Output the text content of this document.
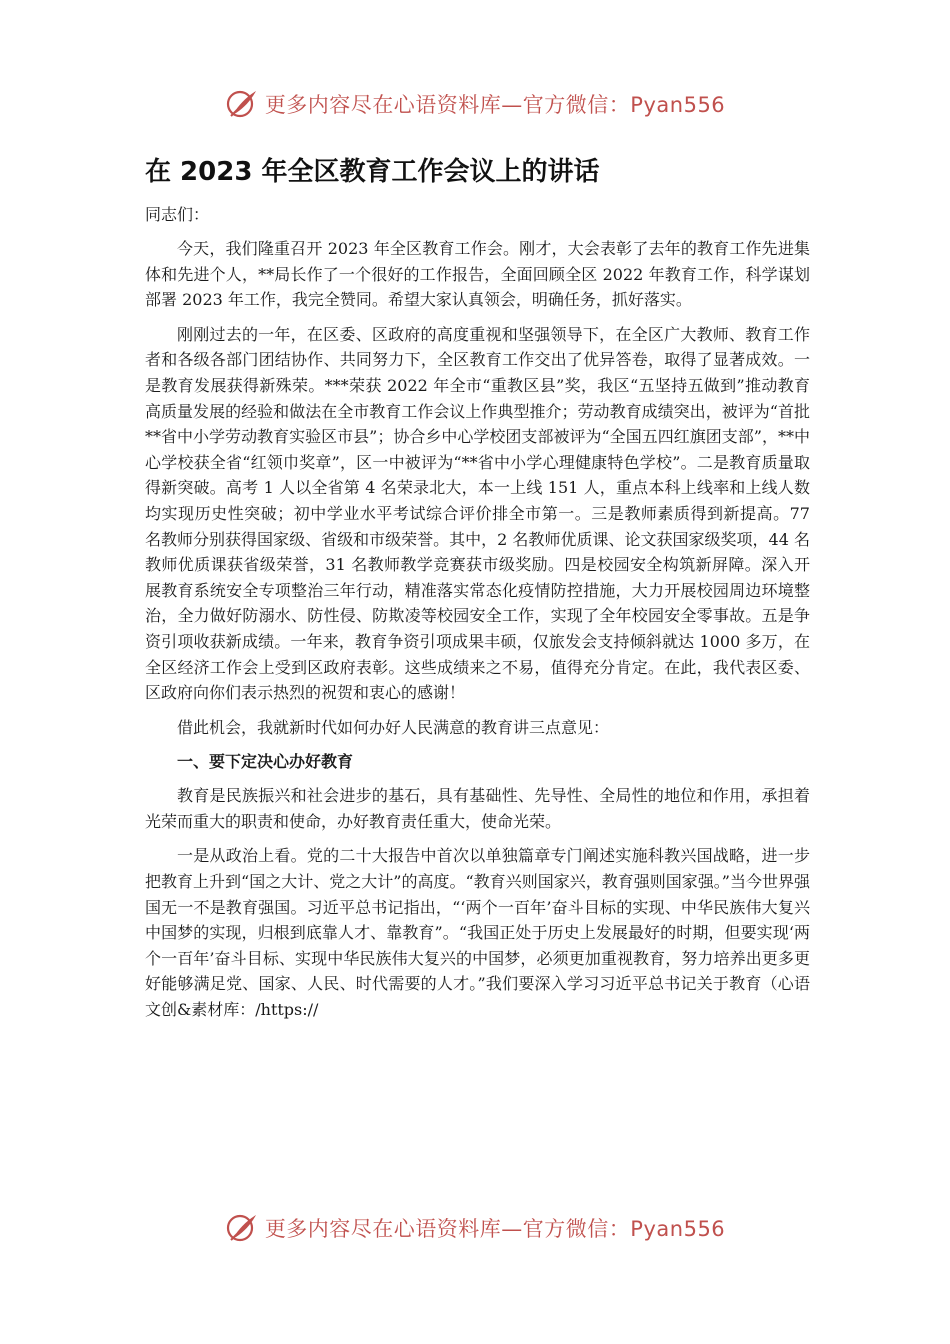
更多内容尽在心语资料库—官方微信：Pyan556
在 2023 年全区教育工作会议上的讲话

同志们：

今天，我们隆重召开 2023 年全区教育工作会。刚才，大会表彰了去年的教育工作先进集体和先进个人，**局长作了一个很好的工作报告，全面回顾全区 2022 年教育工作，科学谋划部署 2023 年工作，我完全赞同。希望大家认真领会，明确任务，抓好落实。

刚刚过去的一年，在区委、区政府的高度重视和坚强领导下，在全区广大教师、教育工作者和各级各部门团结协作、共同努力下，全区教育工作交出了优异答卷，取得了显著成效。一是教育发展获得新殊荣。***荣获 2022 年全市“重教区县”奖，我区“五坚持五做到”推动教育高质量发展的经验和做法在全市教育工作会议上作典型推介；劳动教育成绩突出，被评为“首批**省中小学劳动教育实验区市县”；协合乡中心学校团支部被评为“全国五四红旗团支部”，**中心学校获全省“红领巾奖章”，区一中被评为“**省中小学心理健康特色学校”。二是教育质量取得新突破。高考 1 人以全省第 4 名荣录北大，本一上线 151 人，重点本科上线率和上线人数均实现历史性突破；初中学业水平考试综合评价排全市第一。三是教师素质得到新提高。77 名教师分别获得国家级、省级和市级荣誉。其中，2 名教师优质课、论文获国家级奖项，44 名教师优质课获省级荣誉，31 名教师教学竞赛获市级奖励。四是校园安全构筑新屏障。深入开展教育系统安全专项整治三年行动，精准落实常态化疫情防控措施，大力开展校园周边环境整治，全力做好防溺水、防性侵、防欺凌等校园安全工作，实现了全年校园安全零事故。五是争资引项收获新成绩。一年来，教育争资引项成果丰硕，仅旅发会支持倾斜就达 1000 多万，在全区经济工作会上受到区政府表彰。这些成绩来之不易，值得充分肯定。在此，我代表区委、区政府向你们表示热烈的祝贺和衷心的感谢！

借此机会，我就新时代如何办好人民满意的教育讲三点意见：

一、要下定决心办好教育

教育是民族振兴和社会进步的基石，具有基础性、先导性、全局性的地位和作用，承担着光荣而重大的职责和使命，办好教育责任重大，使命光荣。

一是从政治上看。党的二十大报告中首次以单独篇章专门阐述实施科教兴国战略，进一步把教育上升到“国之大计、党之大计”的高度。“教育兴则国家兴，教育强则国家强。”当今世界强国无一不是教育强国。习近平总书记指出，“‘两个一百年’奋斗目标的实现、中华民族伟大复兴中国梦的实现，归根到底靠人才、靠教育”。“我国正处于历史上发展最好的时期，但要实现‘两个一百年’奋斗目标、实现中华民族伟大复兴的中国梦，必须更加重视教育，努力培养出更多更好能够满足党、国家、人民、时代需要的人才。”我们要深入学习习近平总书记关于教育（心语文创&素材库：/https://

更多内容尽在心语资料库—官方微信：Pyan556
